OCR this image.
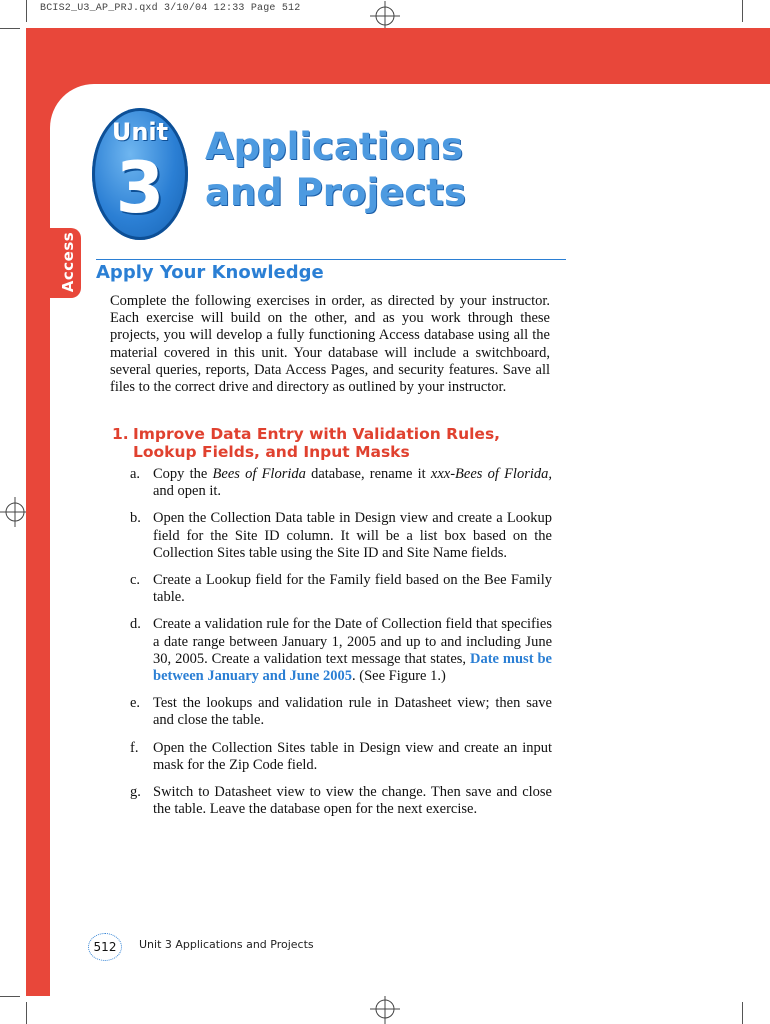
BCIS2_U3_AP_PRJ.qxd 3/10/04 12:33 Page 512
Access
Unit
3
Applications
and Projects
Apply Your Knowledge
Complete the following exercises in order, as directed by your instructor. Each exercise will build on the other, and as you work through these projects, you will develop a fully functioning Access database using all the material covered in this unit. Your database will include a switchboard, several queries, reports, Data Access Pages, and security features. Save all files to the correct drive and directory as outlined by your instructor.
1. Improve Data Entry with Validation Rules, Lookup Fields, and Input Masks
a. Copy the Bees of Florida database, rename it xxx-Bees of Florida, and open it.
b. Open the Collection Data table in Design view and create a Lookup field for the Site ID column. It will be a list box based on the Collection Sites table using the Site ID and Site Name fields.
c. Create a Lookup field for the Family field based on the Bee Family table.
d. Create a validation rule for the Date of Collection field that specifies a date range between January 1, 2005 and up to and including June 30, 2005. Create a validation text message that states, Date must be between January and June 2005. (See Figure 1.)
e. Test the lookups and validation rule in Datasheet view; then save and close the table.
f. Open the Collection Sites table in Design view and create an input mask for the Zip Code field.
g. Switch to Datasheet view to view the change. Then save and close the table. Leave the database open for the next exercise.
512	Unit 3 Applications and Projects
